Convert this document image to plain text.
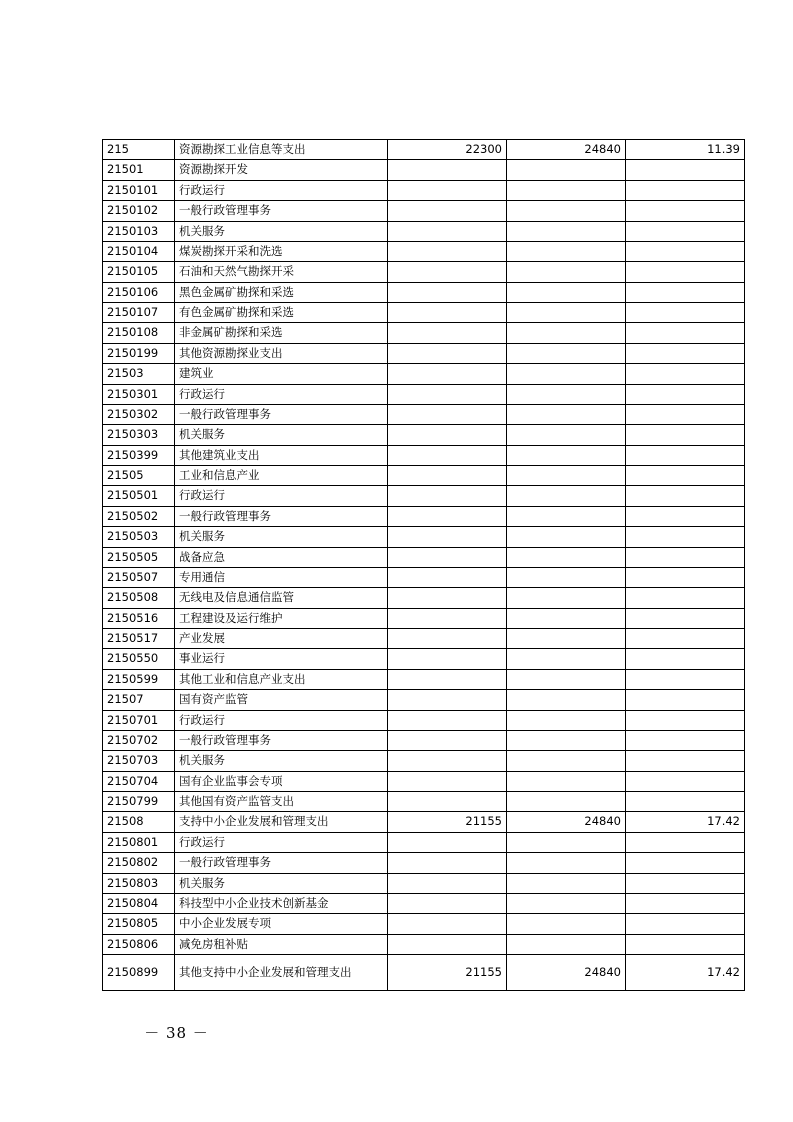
215	资源勘探工业信息等支出	22300	24840	11.39
21501	资源勘探开发			
2150101	行政运行			
2150102	一般行政管理事务			
2150103	机关服务			
2150104	煤炭勘探开采和洗选			
2150105	石油和天然气勘探开采			
2150106	黑色金属矿勘探和采选			
2150107	有色金属矿勘探和采选			
2150108	非金属矿勘探和采选			
2150199	其他资源勘探业支出			
21503	建筑业			
2150301	行政运行			
2150302	一般行政管理事务			
2150303	机关服务			
2150399	其他建筑业支出			
21505	工业和信息产业			
2150501	行政运行			
2150502	一般行政管理事务			
2150503	机关服务			
2150505	战备应急			
2150507	专用通信			
2150508	无线电及信息通信监管			
2150516	工程建设及运行维护			
2150517	产业发展			
2150550	事业运行			
2150599	其他工业和信息产业支出			
21507	国有资产监管			
2150701	行政运行			
2150702	一般行政管理事务			
2150703	机关服务			
2150704	国有企业监事会专项			
2150799	其他国有资产监管支出			
21508	支持中小企业发展和管理支出	21155	24840	17.42
2150801	行政运行			
2150802	一般行政管理事务			
2150803	机关服务			
2150804	科技型中小企业技术创新基金			
2150805	中小企业发展专项			
2150806	减免房租补贴			
2150899	其他支持中小企业发展和管理支出	21155	24840	17.42
－ 38 －
